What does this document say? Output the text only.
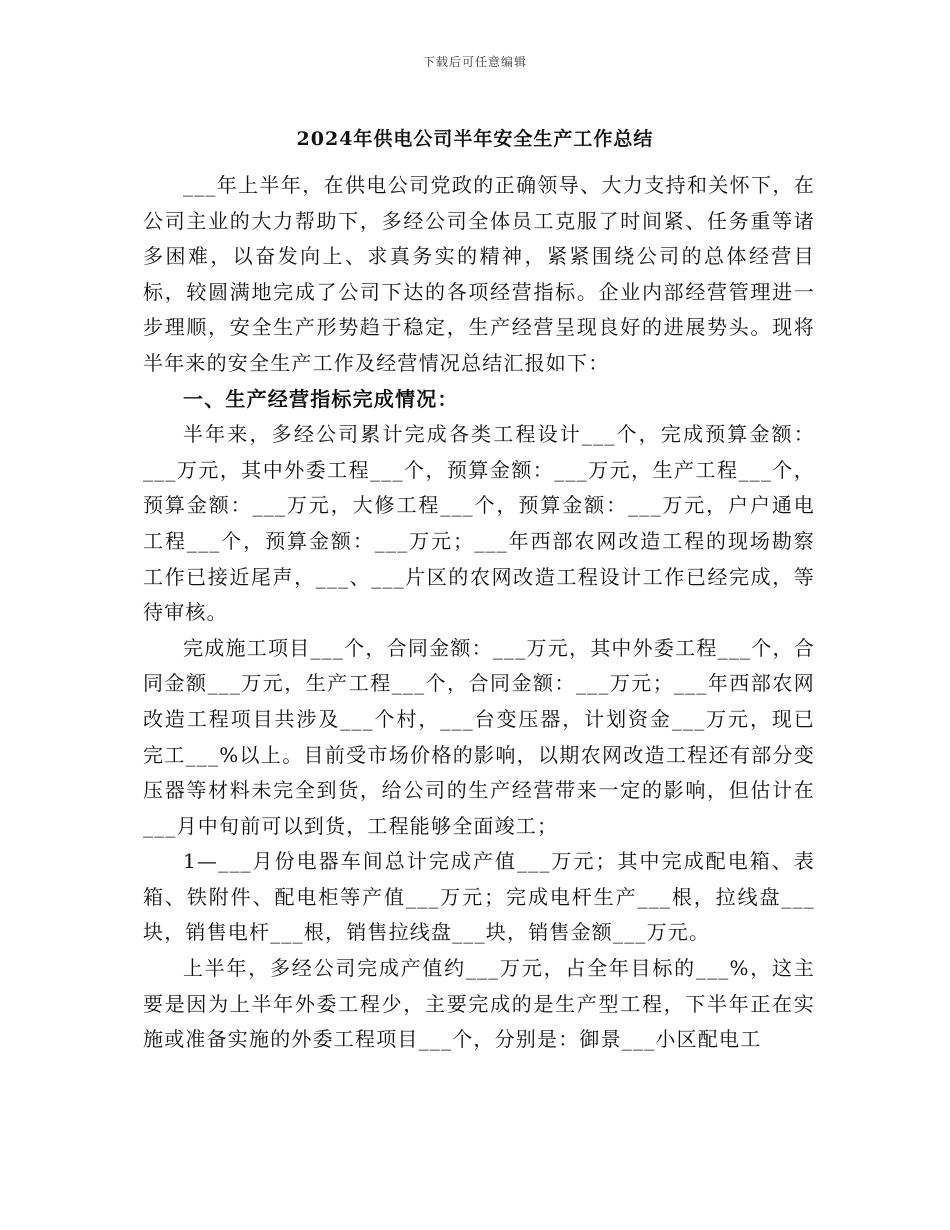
下载后可任意编辑
2024年供电公司半年安全生产工作总结

___年上半年，在供电公司党政的正确领导、大力支持和关怀下，在公司主业的大力帮助下，多经公司全体员工克服了时间紧、任务重等诸多困难，以奋发向上、求真务实的精神，紧紧围绕公司的总体经营目标，较圆满地完成了公司下达的各项经营指标。企业内部经营管理进一步理顺，安全生产形势趋于稳定，生产经营呈现良好的进展势头。现将半年来的安全生产工作及经营情况总结汇报如下：

一、生产经营指标完成情况：

半年来，多经公司累计完成各类工程设计___个，完成预算金额：___万元，其中外委工程___个，预算金额：___万元，生产工程___个，预算金额：___万元，大修工程___个，预算金额：___万元，户户通电工程___个，预算金额：___万元；___年西部农网改造工程的现场勘察工作已接近尾声，___、___片区的农网改造工程设计工作已经完成，等待审核。

完成施工项目___个，合同金额：___万元，其中外委工程___个，合同金额___万元，生产工程___个，合同金额：___万元；___年西部农网改造工程项目共涉及___个村，___台变压器，计划资金___万元，现已完工___%以上。目前受市场价格的影响，以期农网改造工程还有部分变压器等材料未完全到货，给公司的生产经营带来一定的影响，但估计在___月中旬前可以到货，工程能够全面竣工；

1—___月份电器车间总计完成产值___万元；其中完成配电箱、表箱、铁附件、配电柜等产值___万元；完成电杆生产___根，拉线盘___块，销售电杆___根，销售拉线盘___块，销售金额___万元。

上半年，多经公司完成产值约___万元，占全年目标的___%，这主要是因为上半年外委工程少，主要完成的是生产型工程，下半年正在实施或准备实施的外委工程项目___个，分别是：御景___小区配电工
